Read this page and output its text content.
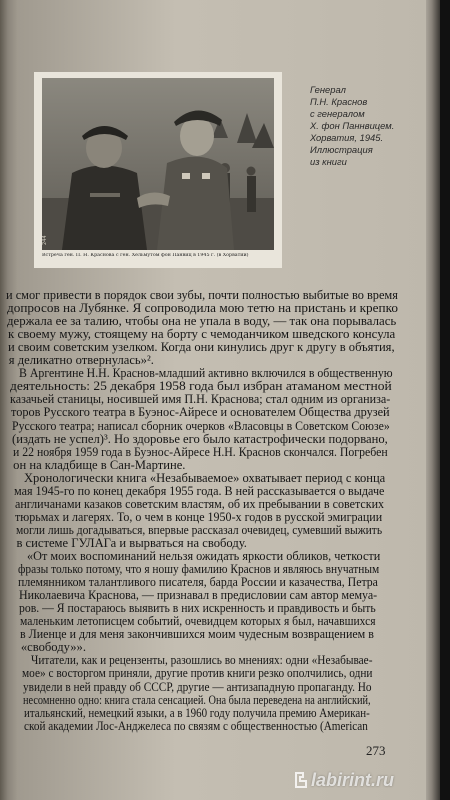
244
Встреча ген. П. Н. Краснова с ген. Хельмутом фон Панвиц в 1945 г. (в Хорватии)
Генерал
П.Н. Краснов
с генералом
Х. фон Паннвицем.
Хорватия, 1945.
Иллюстрация
из книги
и смог привести в порядок свои зубы, почти полностью выбитые во время
допросов на Лубянке. Я сопроводила мою тетю на пристань и крепко
держала ее за талию, чтобы она не упала в воду, — так она порывалась
к своему мужу, стоящему на борту с чемоданчиком шведского консула
и своим советским узелком. Когда они кинулись друг к другу в объятия,
я деликатно отвернулась»².
В Аргентине Н.Н. Краснов-младший активно включился в общественную
деятельность: 25 декабря 1958 года был избран атаманом местной
казачьей станицы, носившей имя П.Н. Краснова; стал одним из организа-
торов Русского театра в Буэнос-Айресе и основателем Общества друзей
Русского театра; написал сборник очерков «Власовцы в Советском Союзе»
(издать не успел)³. Но здоровье его было катастрофически подорвано,
и 22 ноября 1959 года в Буэнос-Айресе Н.Н. Краснов скончался. Погребен
он на кладбище в Сан-Мартине.
Хронологически книга «Незабываемое» охватывает период с конца
мая 1945-го по конец декабря 1955 года. В ней рассказывается о выдаче
англичанами казаков советским властям, об их пребывании в советских
тюрьмах и лагерях. То, о чем в конце 1950-х годов в русской эмиграции
могли лишь догадываться, впервые рассказал очевидец, сумевший выжить
в системе ГУЛАГа и вырваться на свободу.
«От моих воспоминаний нельзя ожидать яркости обликов, четкости
фразы только потому, что я ношу фамилию Краснов и являюсь внучатным
племянником талантливого писателя, барда России и казачества, Петра
Николаевича Краснова, — признавал в предисловии сам автор мемуа-
ров. — Я постараюсь выявить в них искренность и правдивость и быть
маленьким летописцем событий, очевидцем которых я был, начавшихся
в Лиенце и для меня закончившихся моим чудесным возвращением в
«свободу»».
Читатели, как и рецензенты, разошлись во мнениях: одни «Незабывае-
мое» с восторгом приняли, другие против книги резко ополчились, одни
увидели в ней правду об СССР, другие — антизападную пропаганду. Но
несомненно одно: книга стала сенсацией. Она была переведена на английский,
итальянский, немецкий языки, а в 1960 году получила премию Американ-
ской академии Лос-Анджелеса по связям с общественностью (American
273
labirint.ru
